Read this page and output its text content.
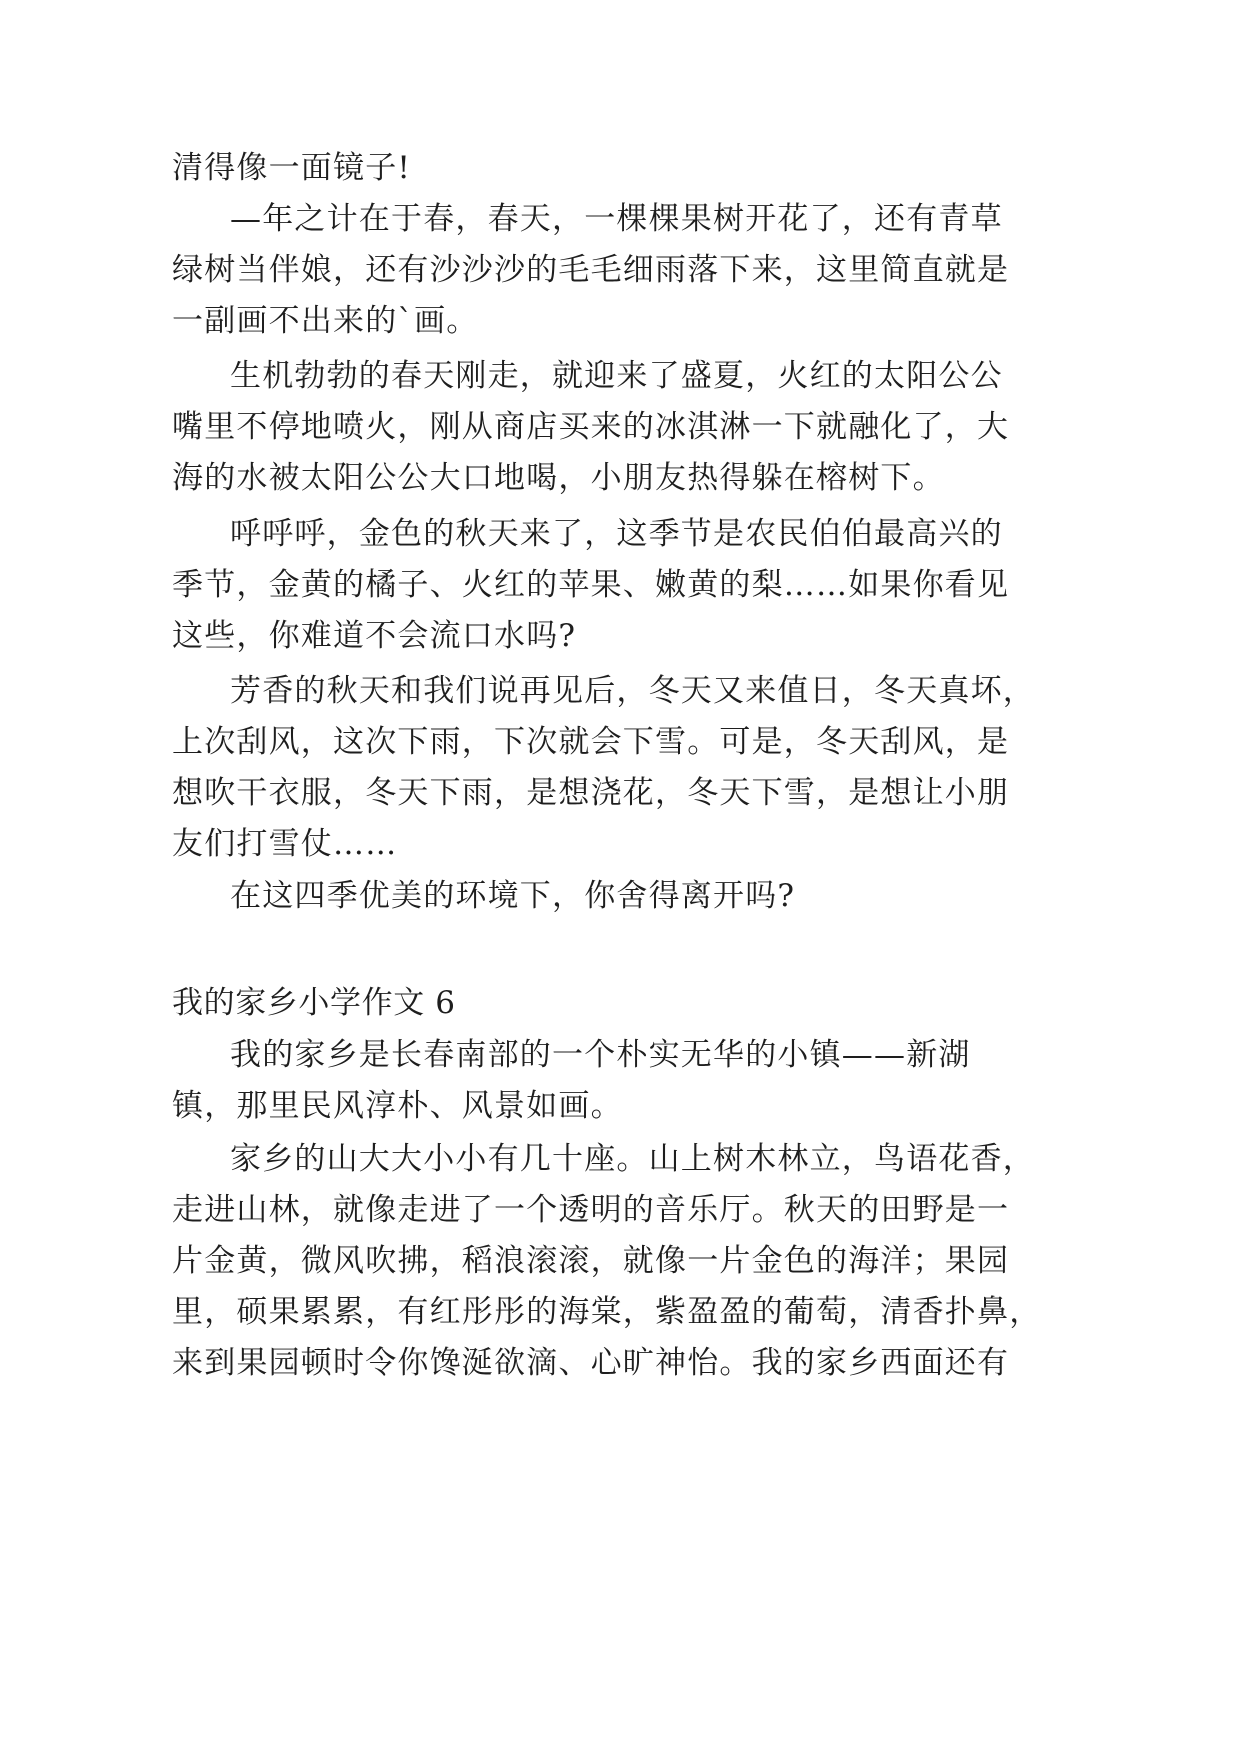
清得像一面镜子!
—年之计在于春，春天，一棵棵果树开花了，还有青草
绿树当伴娘，还有沙沙沙的毛毛细雨落下来，这里简直就是
一副画不出来的`画。
生机勃勃的春天刚走，就迎来了盛夏，火红的太阳公公
嘴里不停地喷火，刚从商店买来的冰淇淋一下就融化了，大
海的水被太阳公公大口地喝，小朋友热得躲在榕树下。
呼呼呼，金色的秋天来了，这季节是农民伯伯最高兴的
季节，金黄的橘子、火红的苹果、嫩黄的梨……如果你看见
这些，你难道不会流口水吗?
芳香的秋天和我们说再见后，冬天又来值日，冬天真坏，
上次刮风，这次下雨，下次就会下雪。可是，冬天刮风，是
想吹干衣服，冬天下雨，是想浇花，冬天下雪，是想让小朋
友们打雪仗……
在这四季优美的环境下，你舍得离开吗?
我的家乡小学作文 6
我的家乡是长春南部的一个朴实无华的小镇——新湖
镇，那里民风淳朴、风景如画。
家乡的山大大小小有几十座。山上树木林立，鸟语花香，
走进山林，就像走进了一个透明的音乐厅。秋天的田野是一
片金黄，微风吹拂，稻浪滚滚，就像一片金色的海洋；果园
里，硕果累累，有红彤彤的海棠，紫盈盈的葡萄，清香扑鼻，
来到果园顿时令你馋涎欲滴、心旷神怡。我的家乡西面还有
